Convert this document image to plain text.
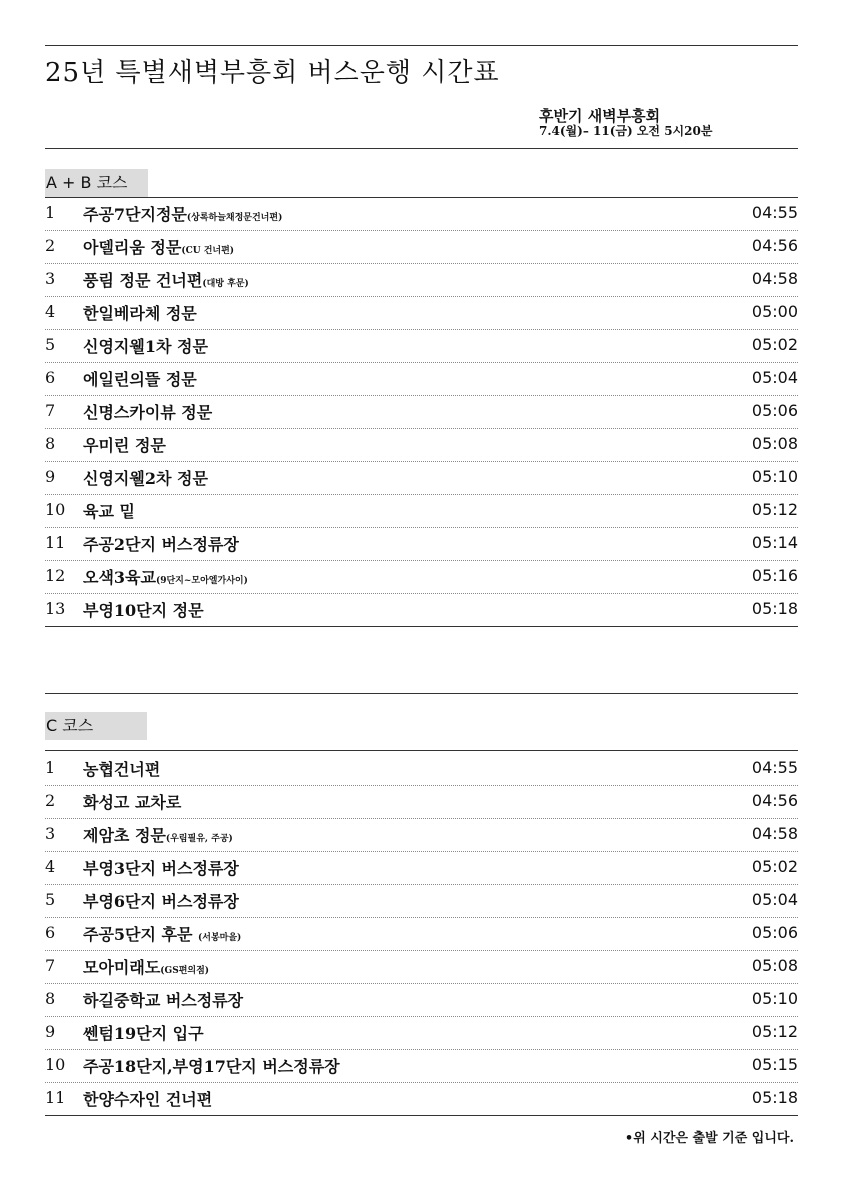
25년 특별새벽부흥회 버스운행 시간표
후반기 새벽부흥회
7.4(월)– 11(금) 오전 5시20분
A + B 코스
1 주공7단지정문(상록하늘채정문건너편)	04:55
2 아델리움 정문(CU 건너편)	04:56
3 풍림 정문 건너편(대방 후문)	04:58
4 한일베라체 정문	05:00
5 신영지웰1차 정문	05:02
6 에일린의뜰 정문	05:04
7 신명스카이뷰 정문	05:06
8 우미린 정문	05:08
9 신영지웰2차 정문	05:10
10 육교 밑	05:12
11 주공2단지 버스정류장	05:14
12 오색3육교(9단지~모아엘가사이)	05:16
13 부영10단지 정문	05:18
C 코스
1 농협건너편	04:55
2 화성고 교차로	04:56
3 제암초 정문(우림필유, 주공)	04:58
4 부영3단지 버스정류장	05:02
5 부영6단지 버스정류장	05:04
6 주공5단지 후문 (서봉마을)	05:06
7 모아미래도(GS편의점)	05:08
8 하길중학교 버스정류장	05:10
9 쎈텀19단지 입구	05:12
10 주공18단지,부영17단지 버스정류장	05:15
11 한양수자인 건너편	05:18
•위 시간은 출발 기준 입니다.
